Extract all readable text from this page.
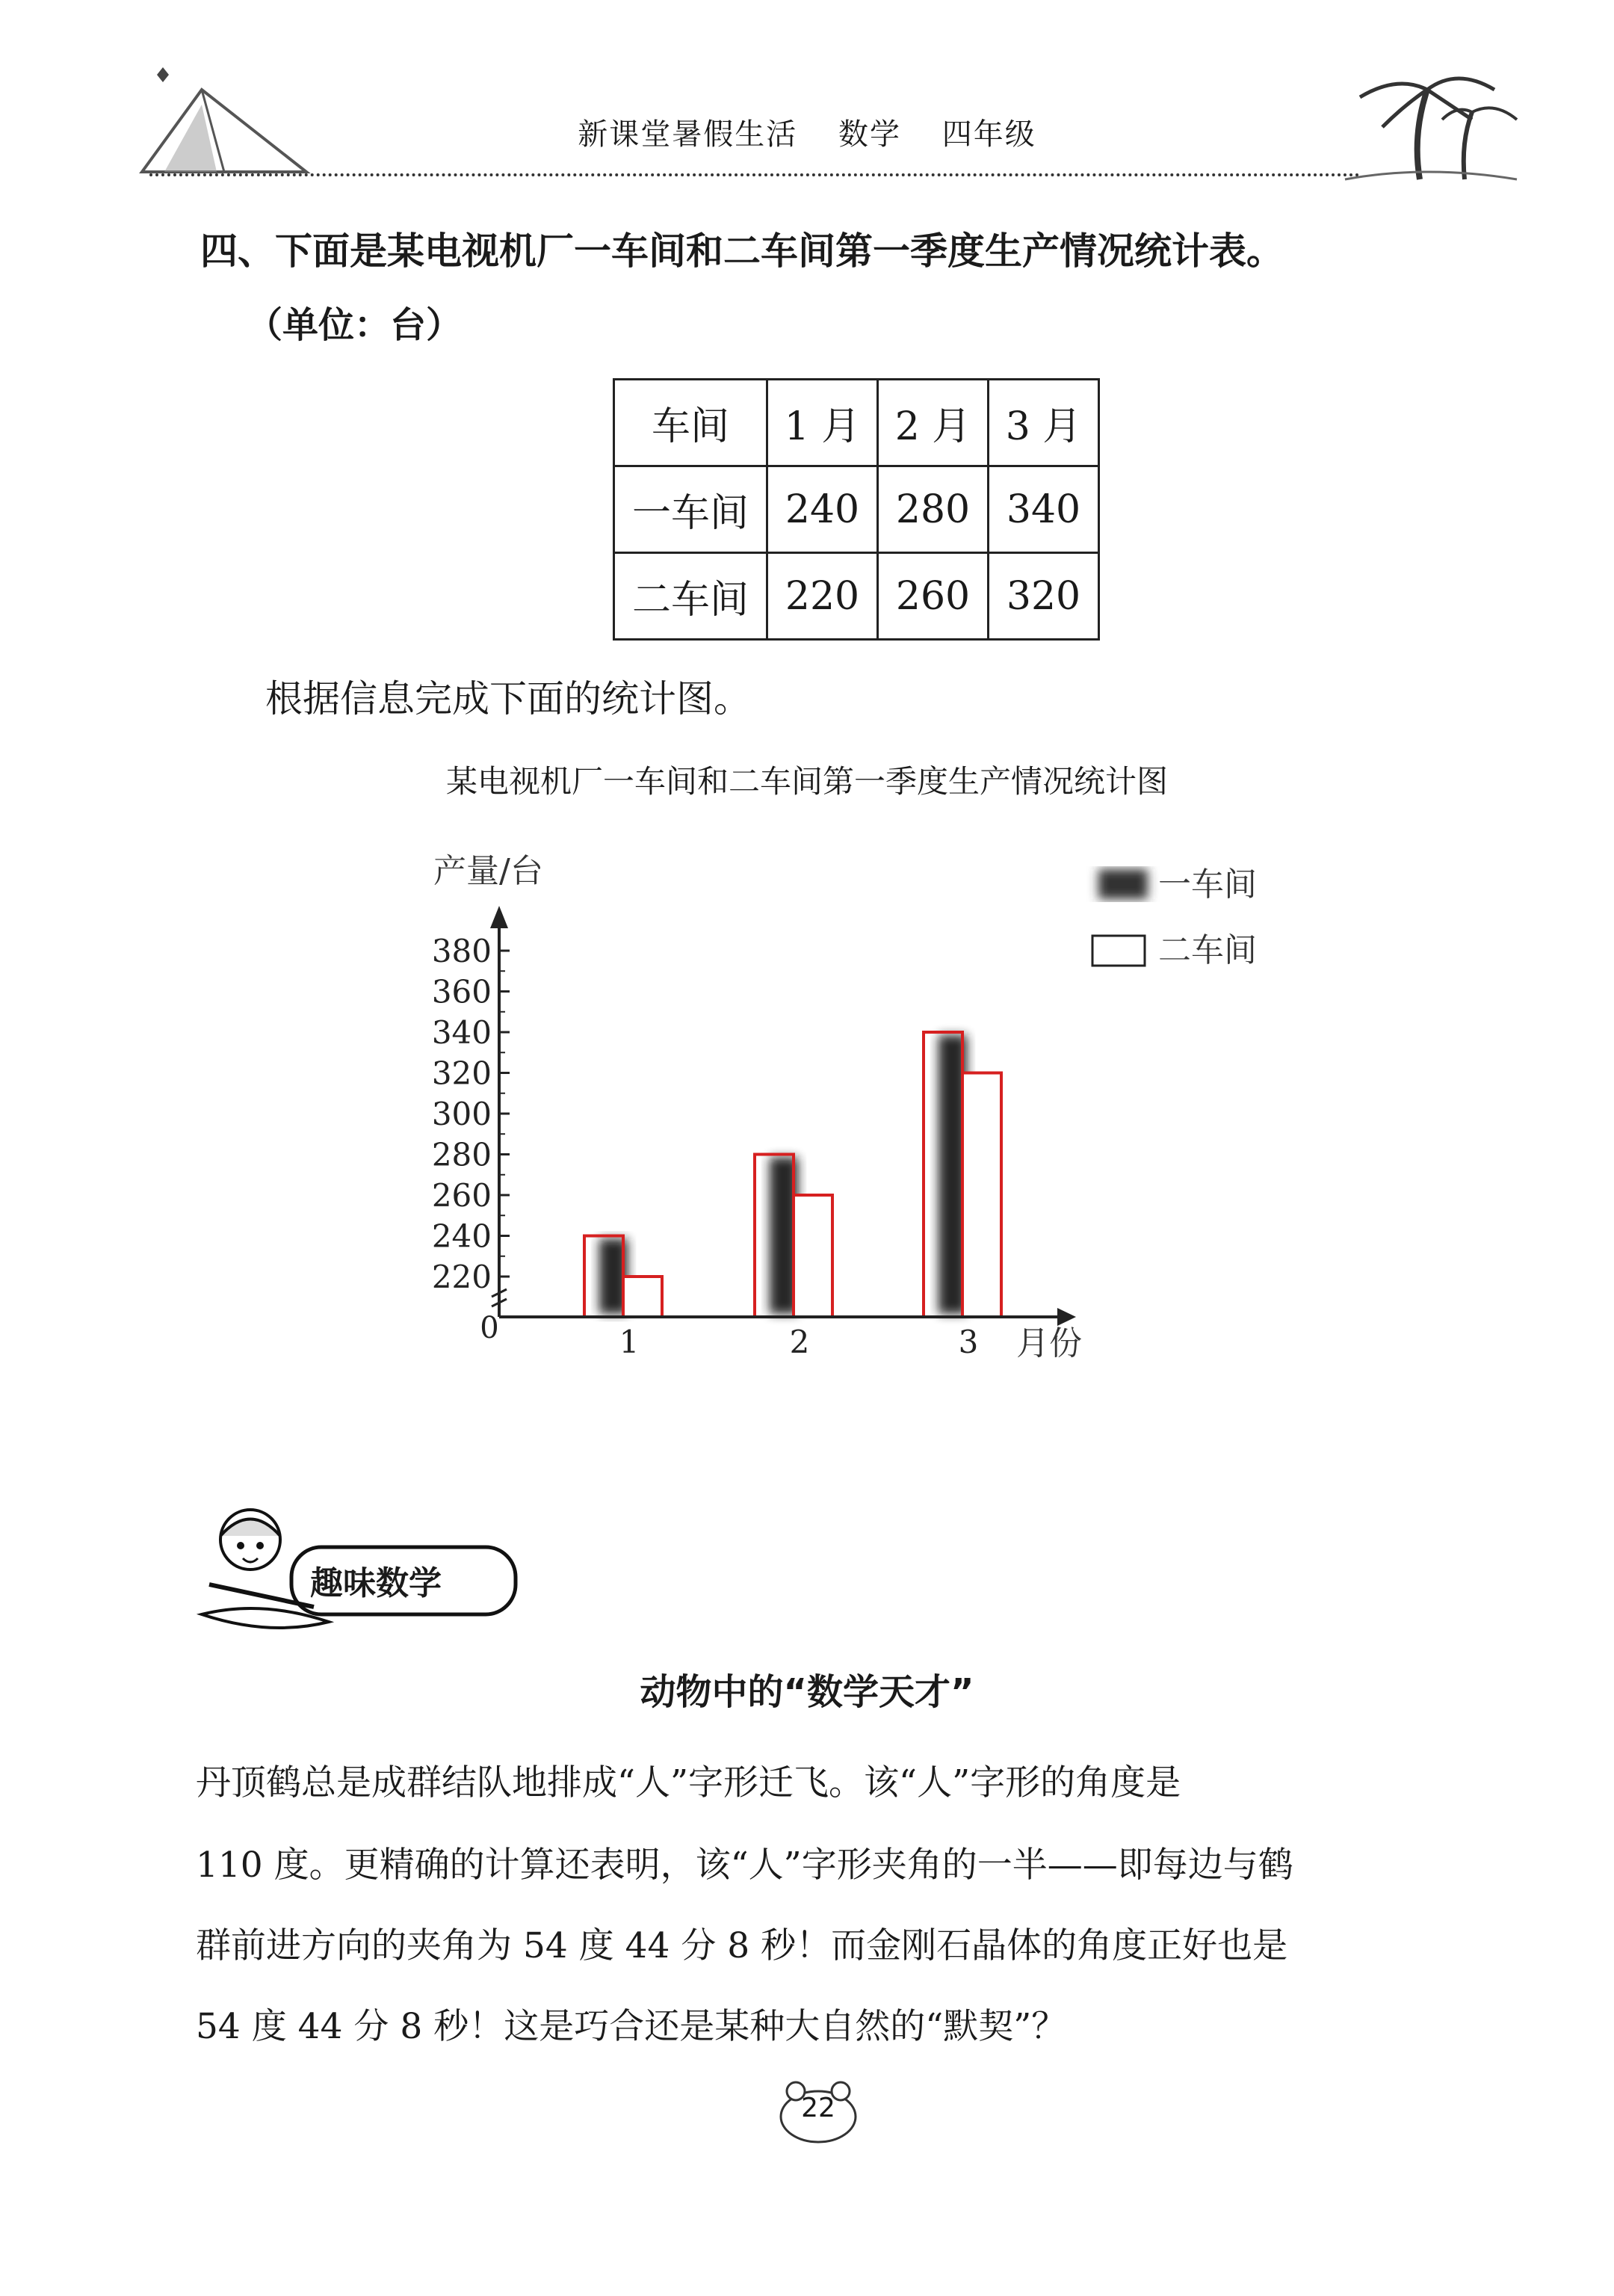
新课堂暑假生活 数学 四年级
四、下面是某电视机厂一车间和二车间第一季度生产情况统计表。
（单位：台）
车间	1 月	2 月	3 月
一车间	240	280	340
二车间	220	260	320
根据信息完成下面的统计图。
某电视机厂一车间和二车间第一季度生产情况统计图
220
240
260
280
300
320
340
360
380
0
产量/台
月份
1	2	3
一车间
二车间
趣味数学
动物中的“数学天才”
丹顶鹤总是成群结队地排成“人”字形迁飞。该“人”字形的角度是
110 度。更精确的计算还表明，该“人”字形夹角的一半——即每边与鹤
群前进方向的夹角为 54 度 44 分 8 秒！而金刚石晶体的角度正好也是
54 度 44 分 8 秒！这是巧合还是某种大自然的“默契”？
22
